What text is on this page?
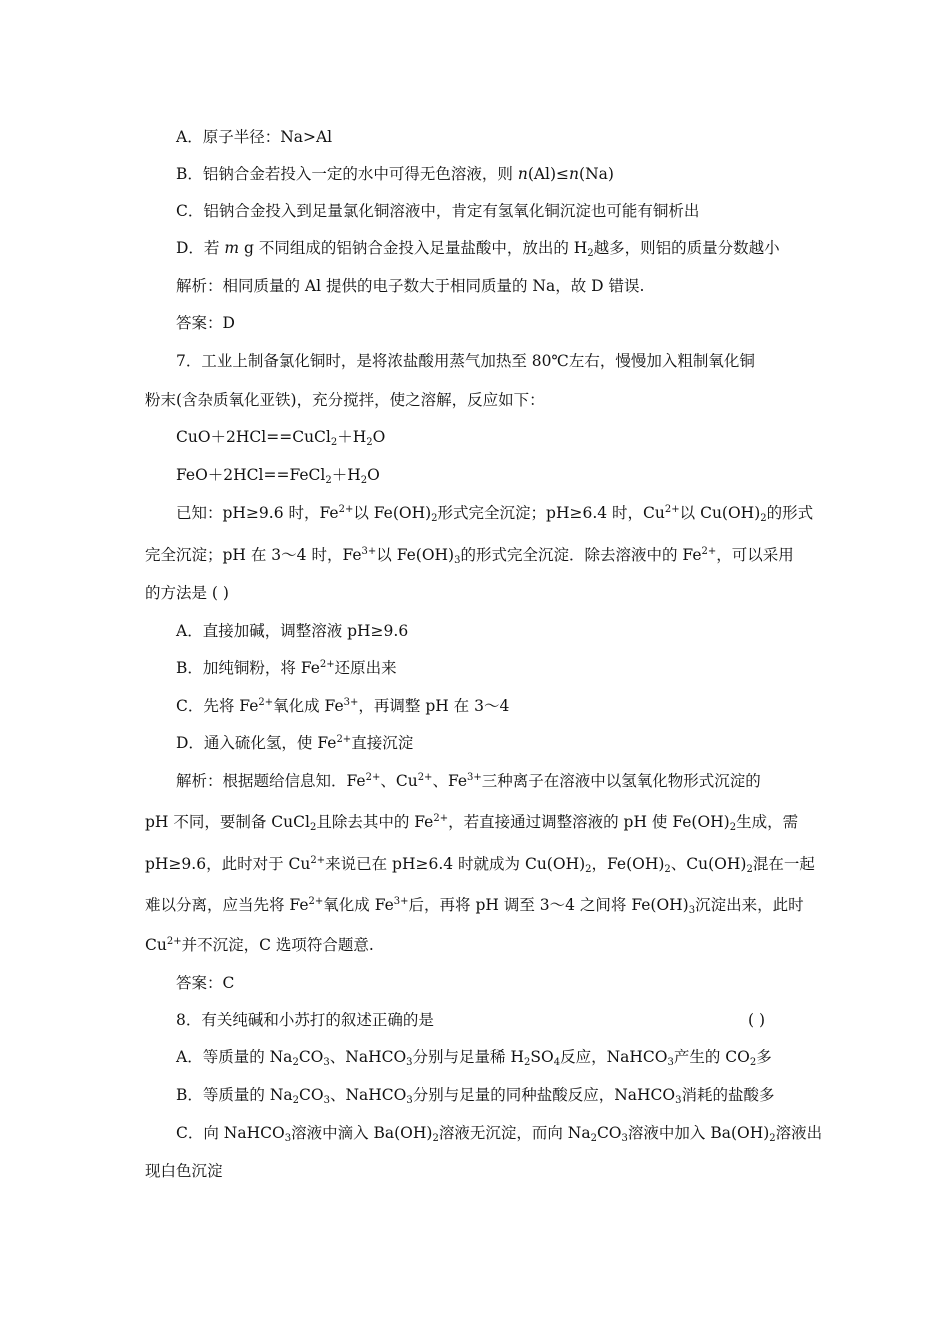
A．原子半径：Na>Al
B．铝钠合金若投入一定的水中可得无色溶液，则 n(Al)≤n(Na)
C．铝钠合金投入到足量氯化铜溶液中，肯定有氢氧化铜沉淀也可能有铜析出
D．若 m g 不同组成的铝钠合金投入足量盐酸中，放出的 $H_2$越多，则铝的质量分数越小
解析：相同质量的 Al 提供的电子数大于相同质量的 Na，故 D 错误.
答案：D
7．工业上制备氯化铜时，是将浓盐酸用蒸气加热至 80℃左右，慢慢加入粗制氧化铜
粉末(含杂质氧化亚铁)，充分搅拌，使之溶解，反应如下：
$CuO+2HCl==CuCl_2+H_2O$
$FeO+2HCl==FeCl_2+H_2O$
已知：pH≥9.6 时，$Fe^{2+}$以 $Fe(OH)_2$形式完全沉淀；pH≥6.4 时，$Cu^{2+}$以 $Cu(OH)_2$的形式
完全沉淀；pH 在 3～4 时，$Fe^{3+}$以 $Fe(OH)_3$的形式完全沉淀．除去溶液中的 $Fe^{2+}$，可以采用
的方法是 ( )
A．直接加碱，调整溶液 pH≥9.6
B．加纯铜粉，将 $Fe^{2+}$还原出来
C．先将 $Fe^{2+}$氧化成 $Fe^{3+}$，再调整 pH 在 3～4
D．通入硫化氢，使 $Fe^{2+}$直接沉淀
解析：根据题给信息知．$Fe^{2+}$、$Cu^{2+}$、$Fe^{3+}$三种离子在溶液中以氢氧化物形式沉淀的
pH 不同，要制备 CuCl$_2$且除去其中的 $Fe^{2+}$，若直接通过调整溶液的 pH 使 $Fe(OH)_2$生成，需
pH≥9.6，此时对于 $Cu^{2+}$来说已在 pH≥6.4 时就成为 $Cu(OH)_2$，$Fe(OH)_2$、$Cu(OH)_2$混在一起
难以分离，应当先将 $Fe^{2+}$氧化成 $Fe^{3+}$后，再将 pH 调至 3～4 之间将 $Fe(OH)_3$沉淀出来，此时
$Cu^{2+}$并不沉淀，C 选项符合题意.
答案：C
8．有关纯碱和小苏打的叙述正确的是	( )
A．等质量的 $Na_2CO_3$、NaHCO$_3$分别与足量稀 $H_2SO_4$反应，NaHCO$_3$产生的 $CO_2$多
B．等质量的 $Na_2CO_3$、NaHCO$_3$分别与足量的同种盐酸反应，NaHCO$_3$消耗的盐酸多
C．向 NaHCO$_3$溶液中滴入 $Ba(OH)_2$溶液无沉淀，而向 $Na_2CO_3$溶液中加入 $Ba(OH)_2$溶液出
现白色沉淀
